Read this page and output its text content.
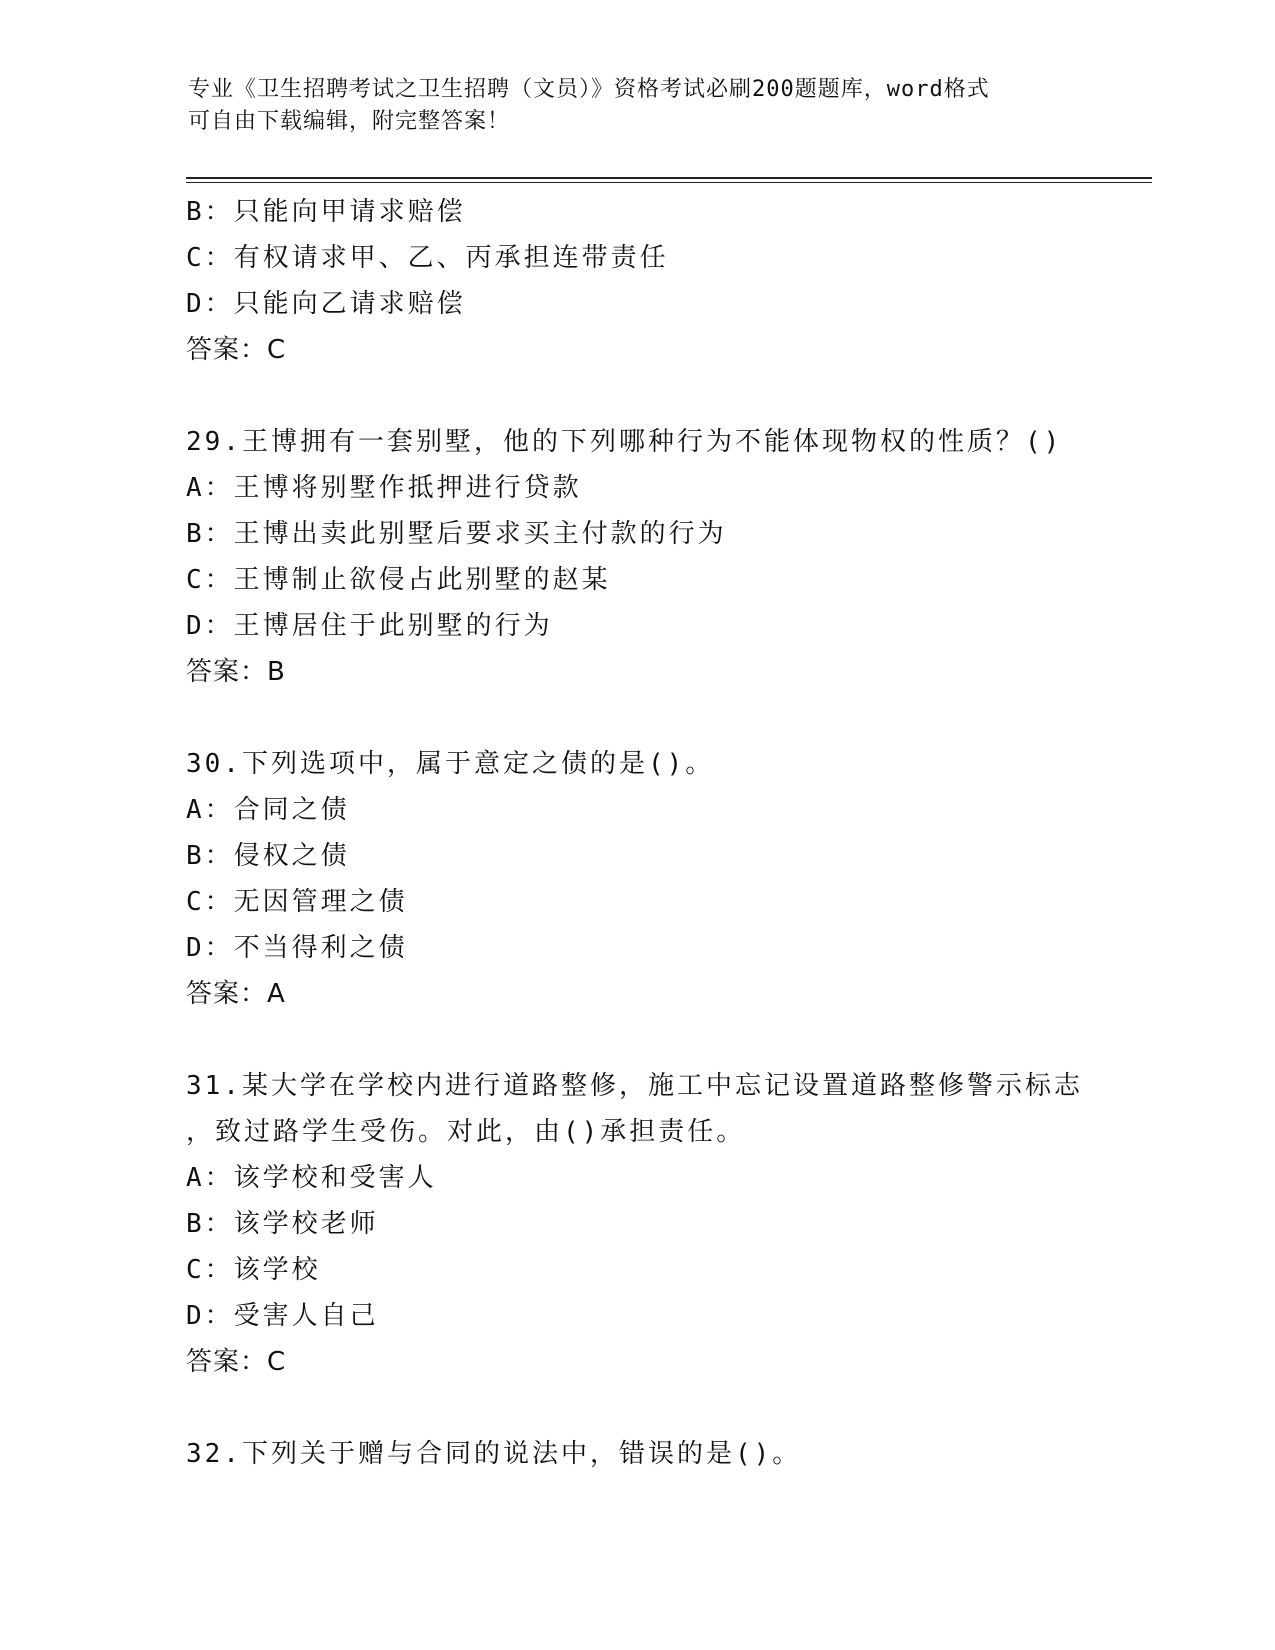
专业《卫生招聘考试之卫生招聘（文员）》资格考试必刷200题题库，word格式
可自由下载编辑，附完整答案！
B：只能向甲请求赔偿
C：有权请求甲、乙、丙承担连带责任
D：只能向乙请求赔偿
答案：C
29.王博拥有一套别墅，他的下列哪种行为不能体现物权的性质？()
A：王博将别墅作抵押进行贷款
B：王博出卖此别墅后要求买主付款的行为
C：王博制止欲侵占此别墅的赵某
D：王博居住于此别墅的行为
答案：B
30.下列选项中，属于意定之债的是()。
A：合同之债
B：侵权之债
C：无因管理之债
D：不当得利之债
答案：A
31.某大学在学校内进行道路整修，施工中忘记设置道路整修警示标志
，致过路学生受伤。对此，由()承担责任。
A：该学校和受害人
B：该学校老师
C：该学校
D：受害人自己
答案：C
32.下列关于赠与合同的说法中，错误的是()。
